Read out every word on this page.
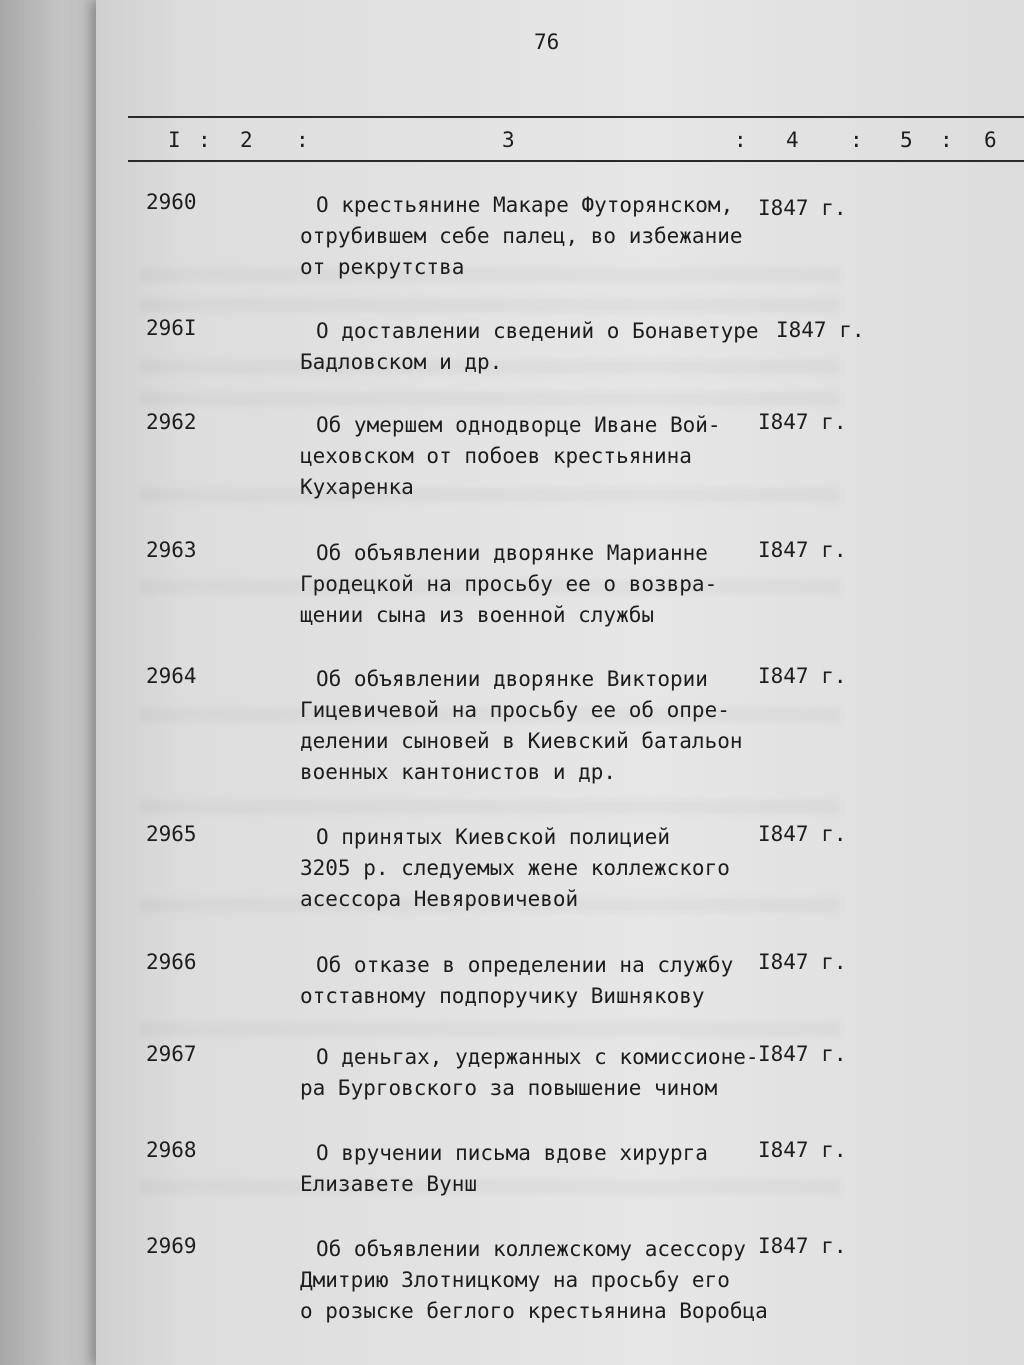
76
I : 2 :	3	: 4 : 5 : 6
2960	О крестьянине Макаре Футорянском,
отрубившем себе палец, во избежание
от рекрутства
I847 г.
296I	О доставлении сведений о Бонаветуре
Бадловском и др.
I847 г.
2962	Об умершем однодворце Иване Вой-
цеховском от побоев крестьянина
Кухаренка
I847 г.
2963	Об объявлении дворянке Марианне
Гродецкой на просьбу ее о возвра-
щении сына из военной службы
I847 г.
2964	Об объявлении дворянке Виктории
Гицевичевой на просьбу ее об опре-
делении сыновей в Киевский батальон
военных кантонистов и др.
I847 г.
2965	О принятых Киевской полицией
3205 р. следуемых жене коллежского
асессора Невяровичевой
I847 г.
2966	Об отказе в определении на службу
отставному подпоручику Вишнякову
I847 г.
2967	О деньгах, удержанных с комиссионе-
ра Бурговского за повышение чином
I847 г.
2968	О вручении письма вдове хирурга
Елизавете Вунш
I847 г.
2969	Об объявлении коллежскому асессору
Дмитрию Злотницкому на просьбу его
о розыске беглого крестьянина Воробца
I847 г.
